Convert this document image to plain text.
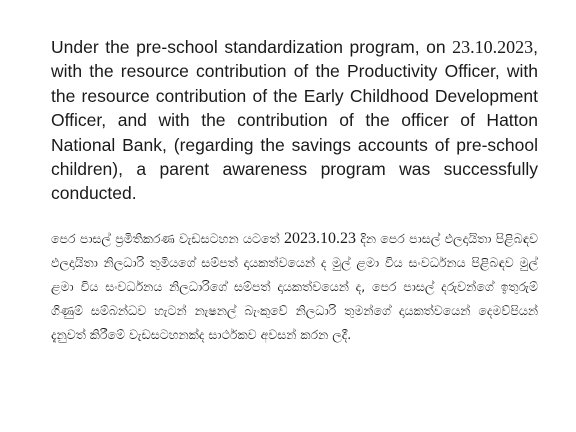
Under the pre-school standardization program, on 23.10.2023, with the resource contribution of the Productivity Officer, with the resource contribution of the Early Childhood Development Officer, and with the contribution of the officer of Hatton National Bank, (regarding the savings accounts of pre-school children), a parent awareness program was successfully conducted.

පෙර පාසල් ප්‍රමිතිකරණ වැඩසටහන යටතේ 2023.10.23 දින පෙර පාසල් ඵලදායිතා පිළිබඳව ඵලදායිතා නිලධාරි තුමියගේ සම්පත් දායකත්වයෙන් ද මුල් ළමා විය සංවර්ධනය පිළිබඳව මුල් ළමා විය සංවර්ධනය නිලධාරිගේ සම්පත් දායකත්වයෙන් ද, පෙර පාසල් දරුවන්ගේ ඉතුරුම් ගිණුම් සම්බන්ධව හැටන් නැෂනල් බැංකුවේ නිලධාරි තුමන්ගේ දායකත්වයෙන් දෙමව්පියන් දැනුවත් කිරීමේ වැඩසටහනක්ද සාර්ථකව අවසන් කරන ලදී.
